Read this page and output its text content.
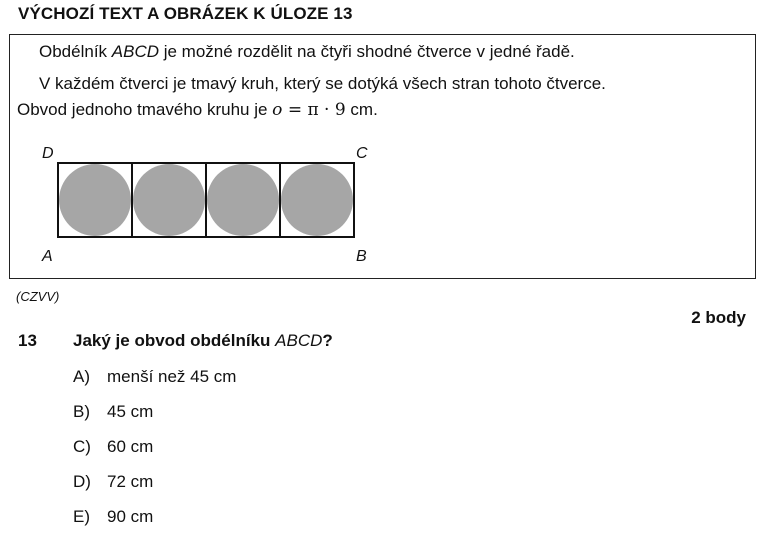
VÝCHOZÍ TEXT A OBRÁZEK K ÚLOZE 13
Obdélník ABCD je možné rozdělit na čtyři shodné čtverce v jedné řadě.
V každém čtverci je tmavý kruh, který se dotýká všech stran tohoto čtverce.
Obvod jednoho tmavého kruhu je o = π · 9 cm.
D	C
A	B
(CZVV)
2 body
13 Jaký je obvod obdélníku ABCD?
A) menší než 45 cm
B) 45 cm
C) 60 cm
D) 72 cm
E) 90 cm
